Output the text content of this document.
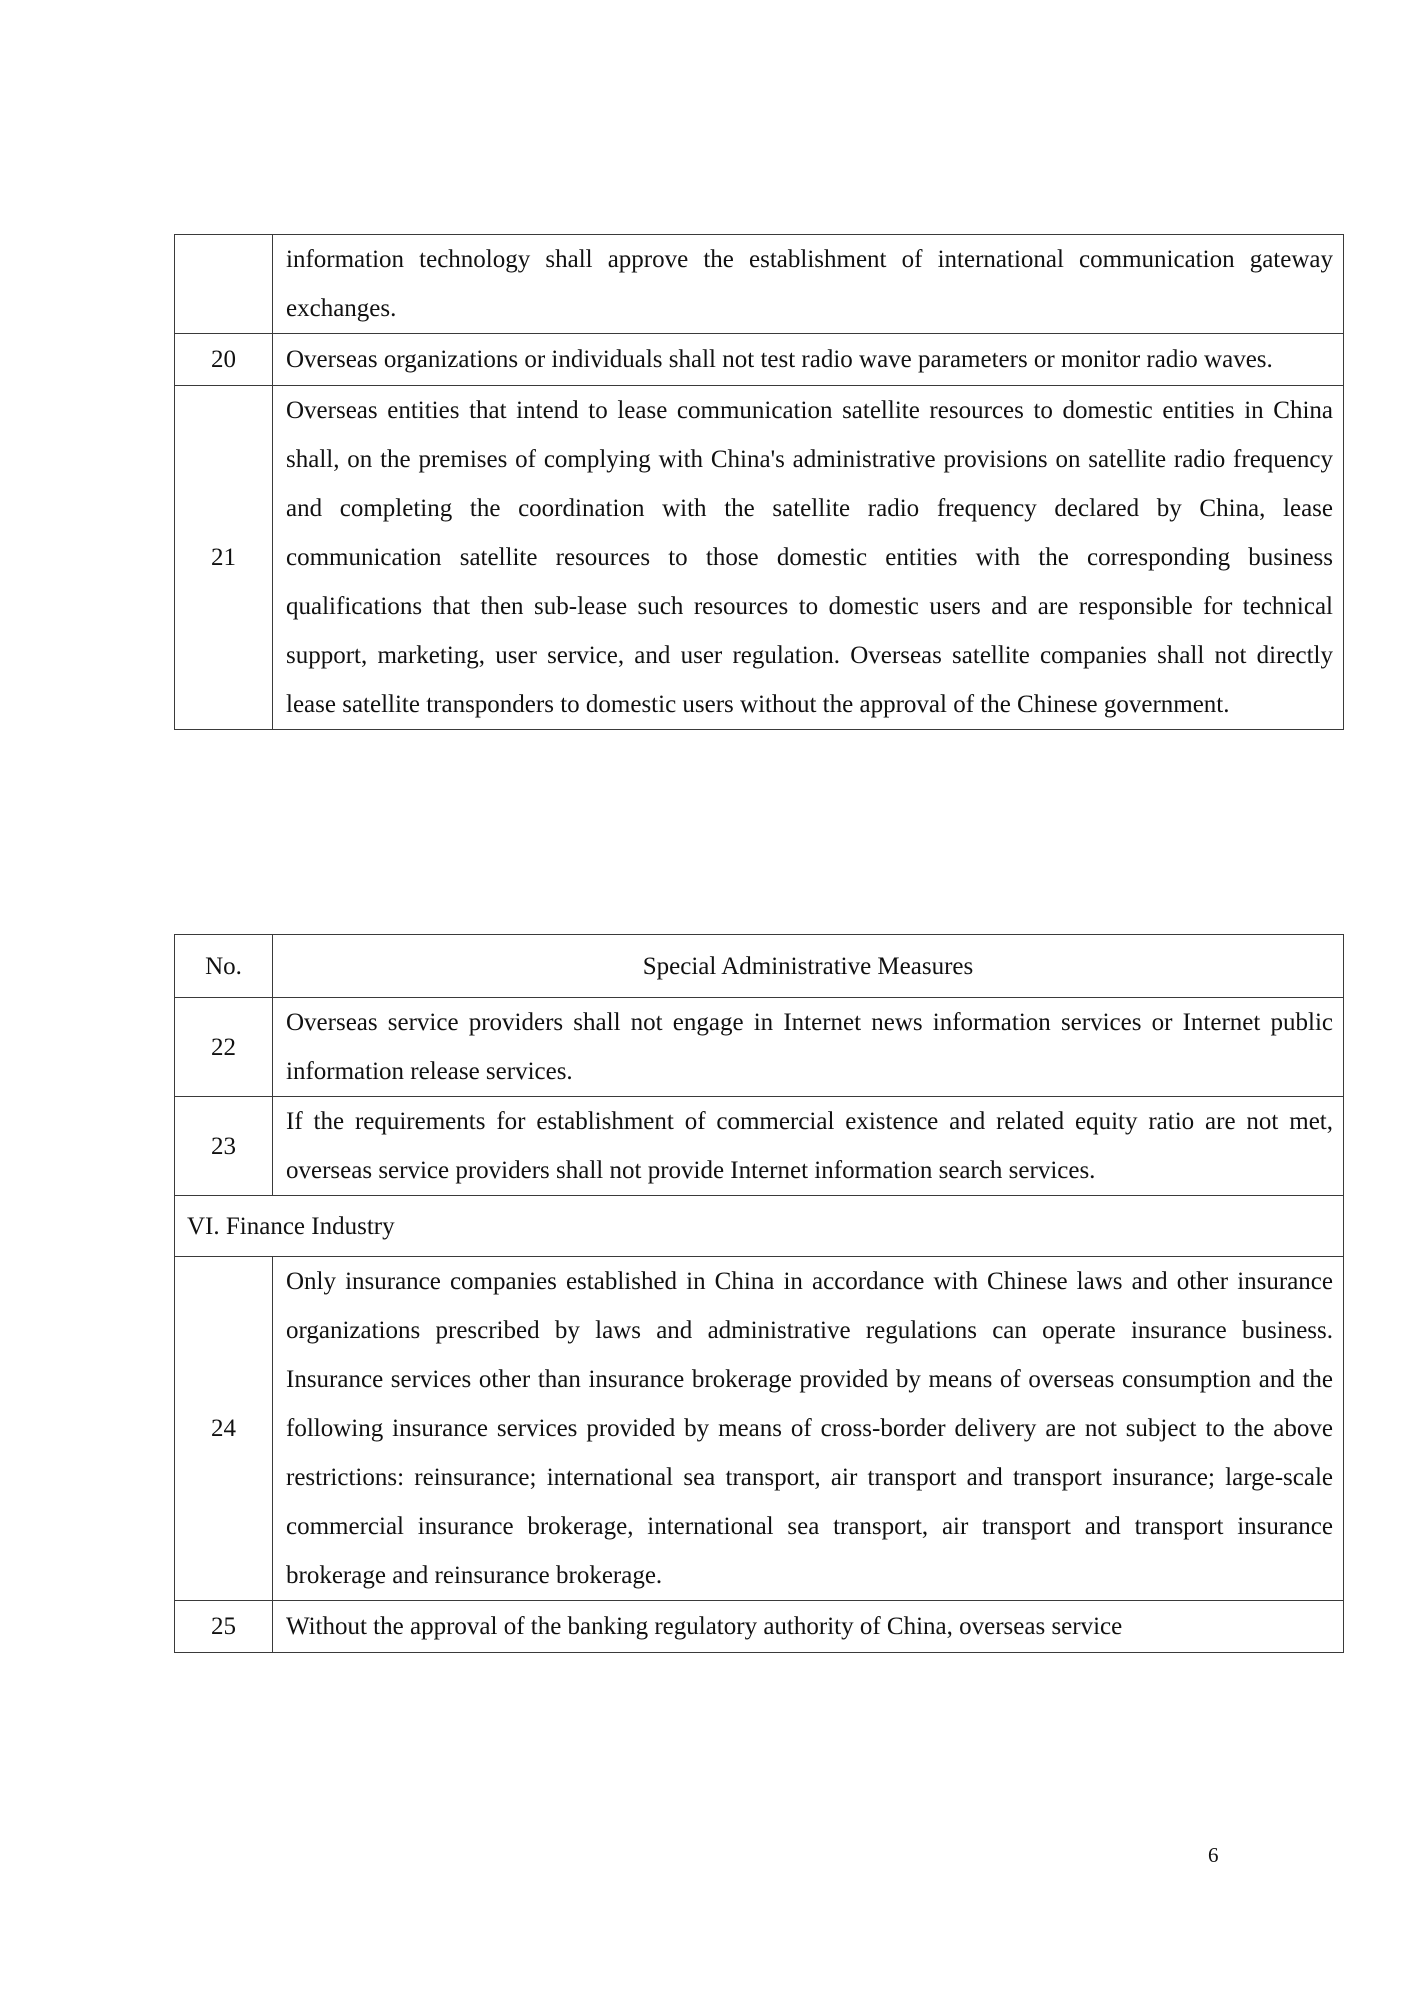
	information technology shall approve the establishment of international communication gateway exchanges.
20	Overseas organizations or individuals shall not test radio wave parameters or monitor radio waves.
21	Overseas entities that intend to lease communication satellite resources to domestic entities in China shall, on the premises of complying with China's administrative provisions on satellite radio frequency and completing the coordination with the satellite radio frequency declared by China, lease communication satellite resources to those domestic entities with the corresponding business qualifications that then sub-lease such resources to domestic users and are responsible for technical support, marketing, user service, and user regulation. Overseas satellite companies shall not directly lease satellite transponders to domestic users without the approval of the Chinese government.
No.	Special Administrative Measures
22	Overseas service providers shall not engage in Internet news information services or Internet public information release services.
23	If the requirements for establishment of commercial existence and related equity ratio are not met, overseas service providers shall not provide Internet information search services.
VI. Finance Industry	
24	Only insurance companies established in China in accordance with Chinese laws and other insurance organizations prescribed by laws and administrative regulations can operate insurance business. Insurance services other than insurance brokerage provided by means of overseas consumption and the following insurance services provided by means of cross-border delivery are not subject to the above restrictions: reinsurance; international sea transport, air transport and transport insurance; large-scale commercial insurance brokerage, international sea transport, air transport and transport insurance brokerage and reinsurance brokerage.
25	Without the approval of the banking regulatory authority of China, overseas service
6
